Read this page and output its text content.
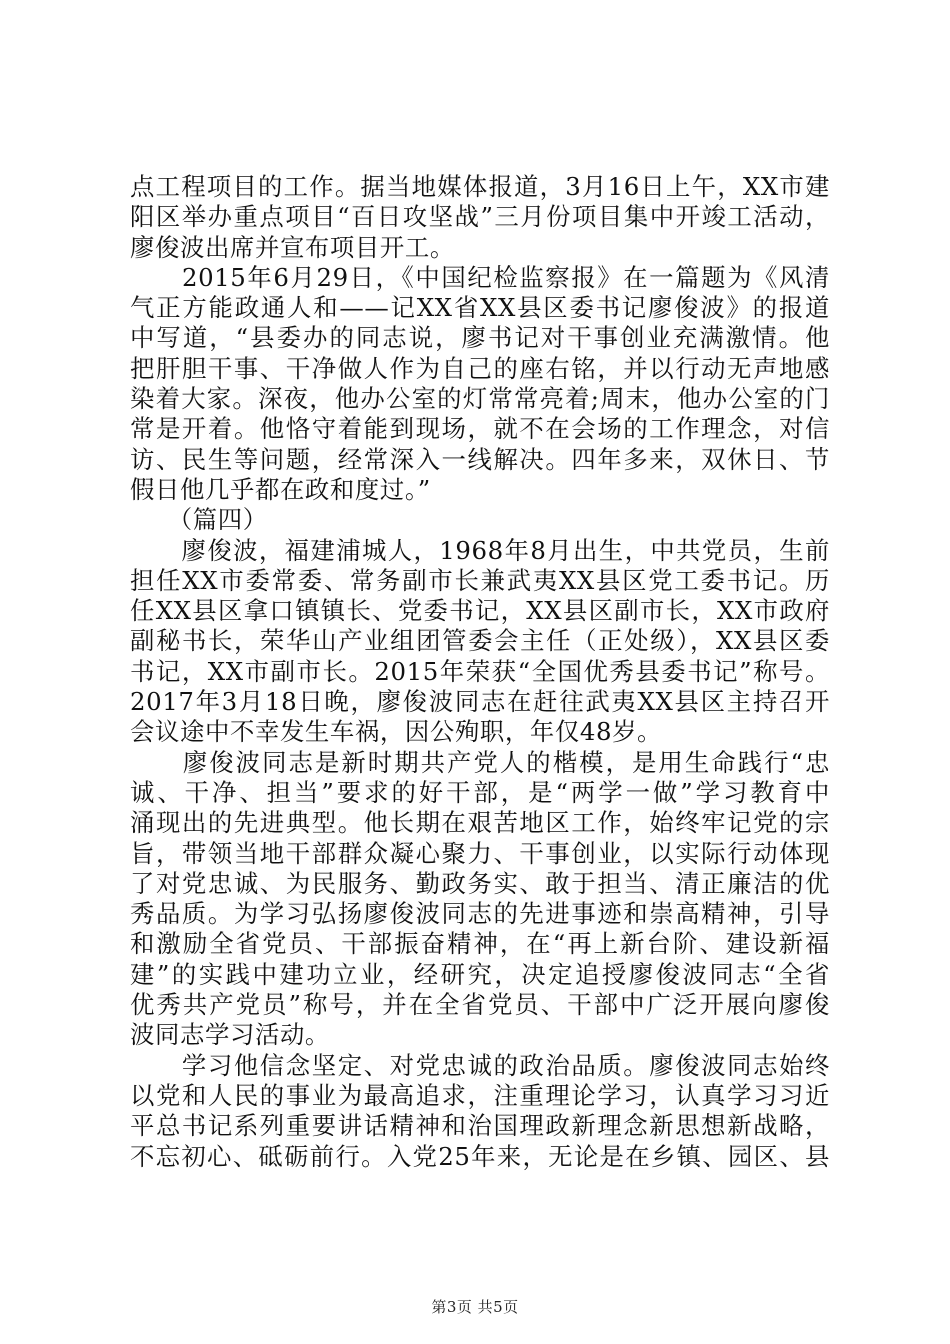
点工程项目的工作。据当地媒体报道，3月16日上午，XX市建
阳区举办重点项目“百日攻坚战”三月份项目集中开竣工活动，
廖俊波出席并宣布项目开工。
　　2015年6月29日，《中国纪检监察报》在一篇题为《风清
气正方能政通人和——记XX省XX县区委书记廖俊波》的报道
中写道，“县委办的同志说，廖书记对干事创业充满激情。他
把肝胆干事、干净做人作为自己的座右铭，并以行动无声地感
染着大家。深夜，他办公室的灯常常亮着;周末，他办公室的门
常是开着。他恪守着能到现场，就不在会场的工作理念，对信
访、民生等问题，经常深入一线解决。四年多来，双休日、节
假日他几乎都在政和度过。”
　　（篇四）
　　廖俊波，福建浦城人，1968年8月出生，中共党员，生前
担任XX市委常委、常务副市长兼武夷XX县区党工委书记。历
任XX县区拿口镇镇长、党委书记，XX县区副市长，XX市政府
副秘书长，荣华山产业组团管委会主任（正处级），XX县区委
书记，XX市副市长。2015年荣获“全国优秀县委书记”称号。
2017年3月18日晚，廖俊波同志在赶往武夷XX县区主持召开
会议途中不幸发生车祸，因公殉职，年仅48岁。
　　廖俊波同志是新时期共产党人的楷模，是用生命践行“忠
诚、干净、担当”要求的好干部，是“两学一做”学习教育中
涌现出的先进典型。他长期在艰苦地区工作，始终牢记党的宗
旨，带领当地干部群众凝心聚力、干事创业，以实际行动体现
了对党忠诚、为民服务、勤政务实、敢于担当、清正廉洁的优
秀品质。为学习弘扬廖俊波同志的先进事迹和崇高精神，引导
和激励全省党员、干部振奋精神，在“再上新台阶、建设新福
建”的实践中建功立业，经研究，决定追授廖俊波同志“全省
优秀共产党员”称号，并在全省党员、干部中广泛开展向廖俊
波同志学习活动。
　　学习他信念坚定、对党忠诚的政治品质。廖俊波同志始终
以党和人民的事业为最高追求，注重理论学习，认真学习习近
平总书记系列重要讲话精神和治国理政新理念新思想新战略，
不忘初心、砥砺前行。入党25年来，无论是在乡镇、园区、县
第3页 共5页
